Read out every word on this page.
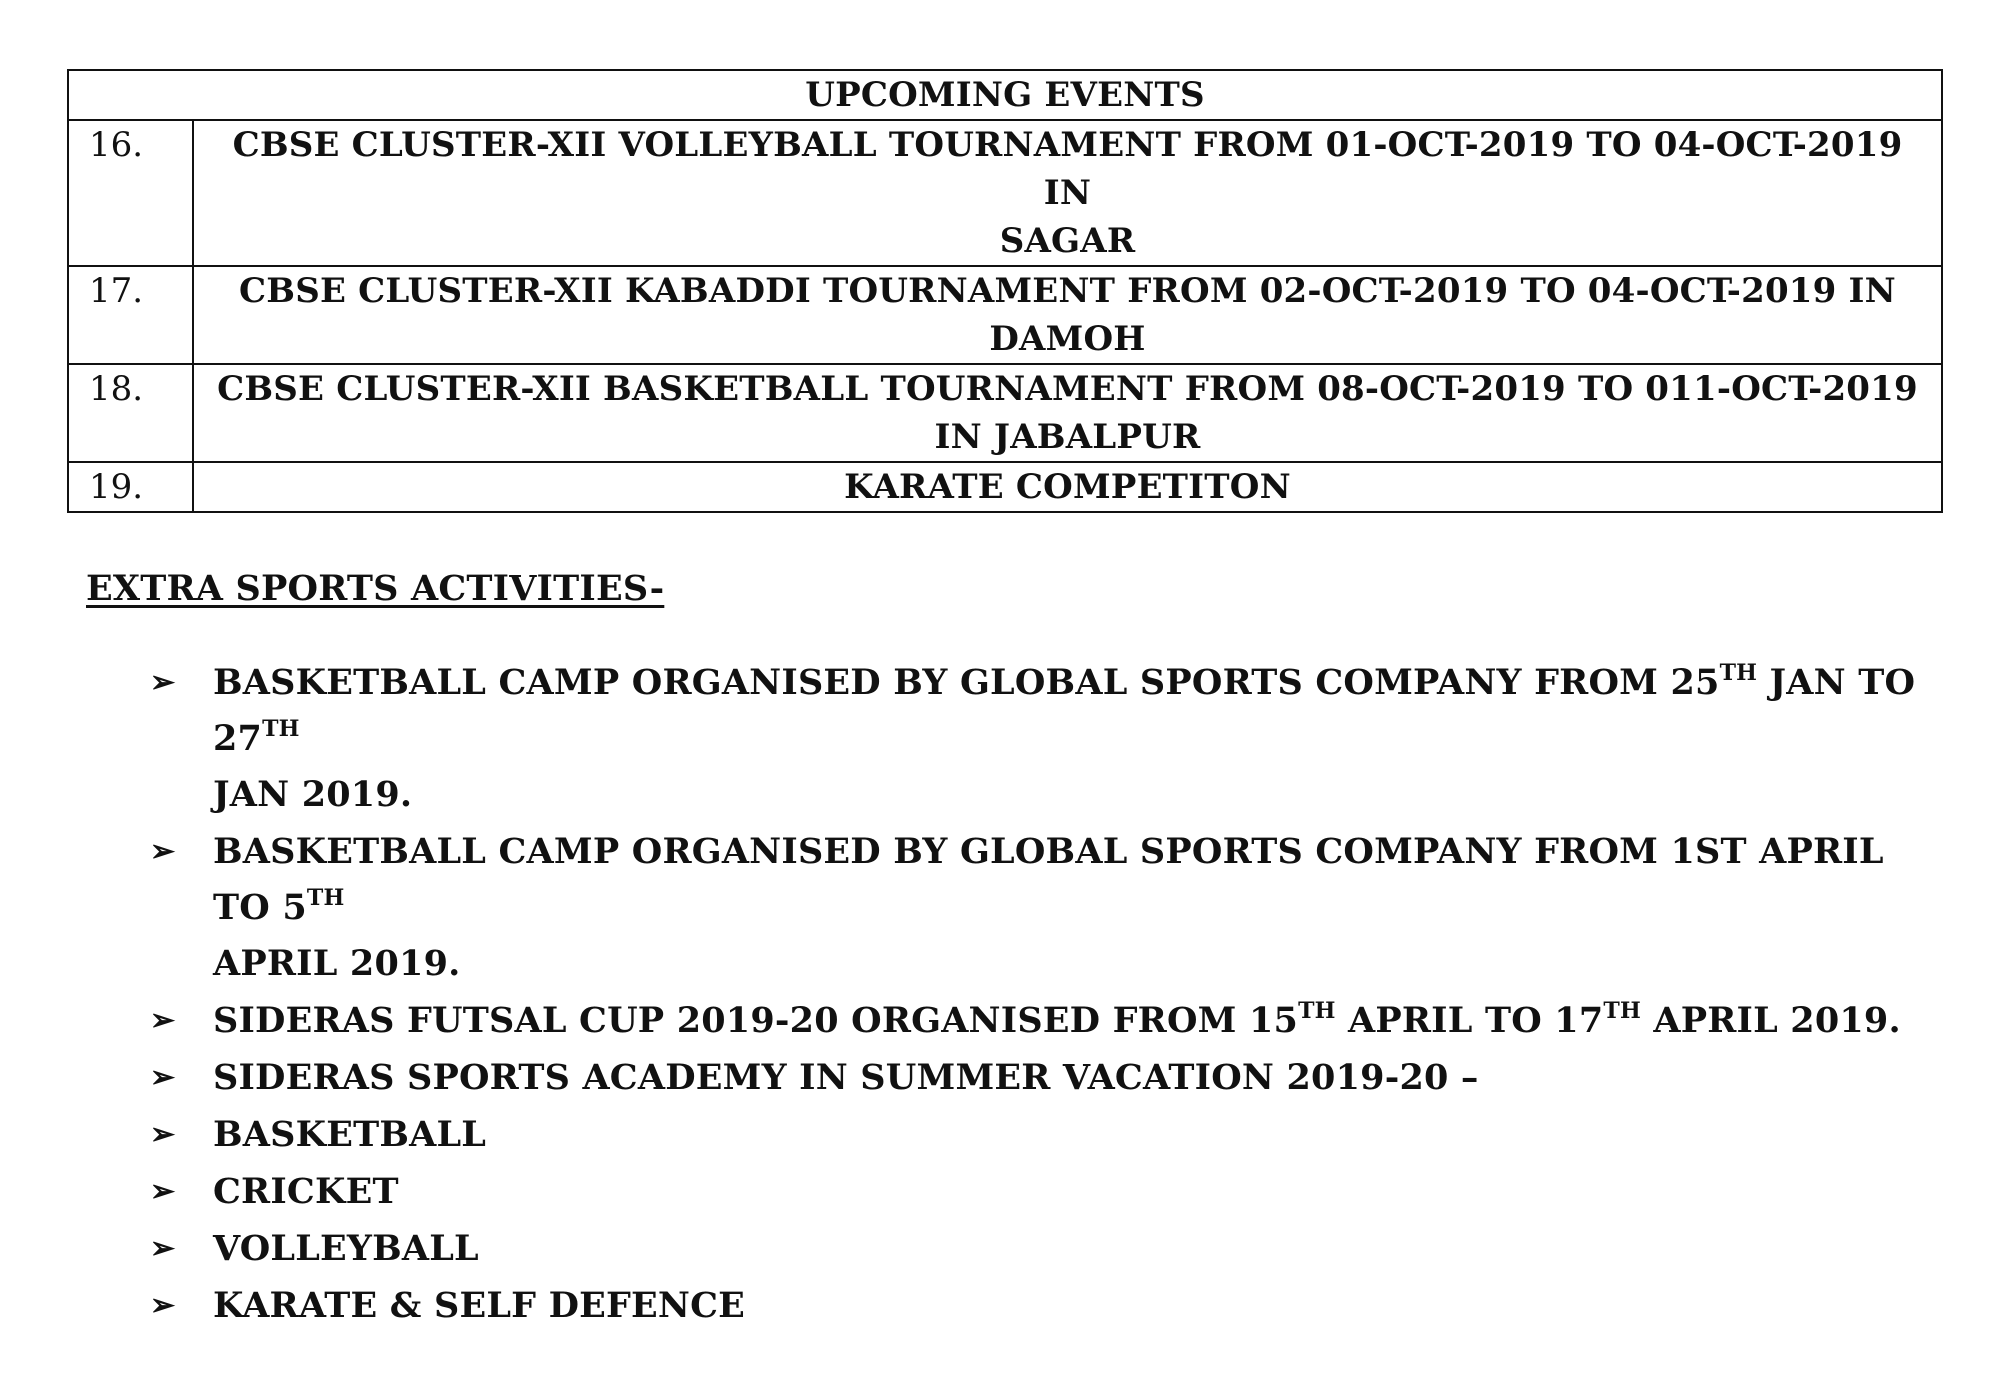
UPCOMING EVENTS	
16.	CBSE CLUSTER-XII VOLLEYBALL TOURNAMENT FROM 01-OCT-2019 TO 04-OCT-2019 IN
SAGAR

17.	CBSE CLUSTER-XII KABADDI TOURNAMENT FROM 02-OCT-2019 TO 04-OCT-2019 IN
DAMOH

18.	CBSE CLUSTER-XII BASKETBALL TOURNAMENT FROM 08-OCT-2019 TO 011-OCT-2019
IN JABALPUR

19.	KARATE COMPETITON
EXTRA SPORTS ACTIVITIES-
➢ BASKETBALL CAMP ORGANISED BY GLOBAL SPORTS COMPANY FROM 25TH JAN TO 27TH
JAN 2019.
➢ BASKETBALL CAMP ORGANISED BY GLOBAL SPORTS COMPANY FROM 1ST APRIL TO 5TH
APRIL 2019.
➢ SIDERAS FUTSAL CUP 2019-20 ORGANISED FROM 15TH APRIL TO 17TH APRIL 2019.
➢ SIDERAS SPORTS ACADEMY IN SUMMER VACATION 2019-20 –
➢ BASKETBALL
➢ CRICKET
➢ VOLLEYBALL
➢ KARATE & SELF DEFENCE
